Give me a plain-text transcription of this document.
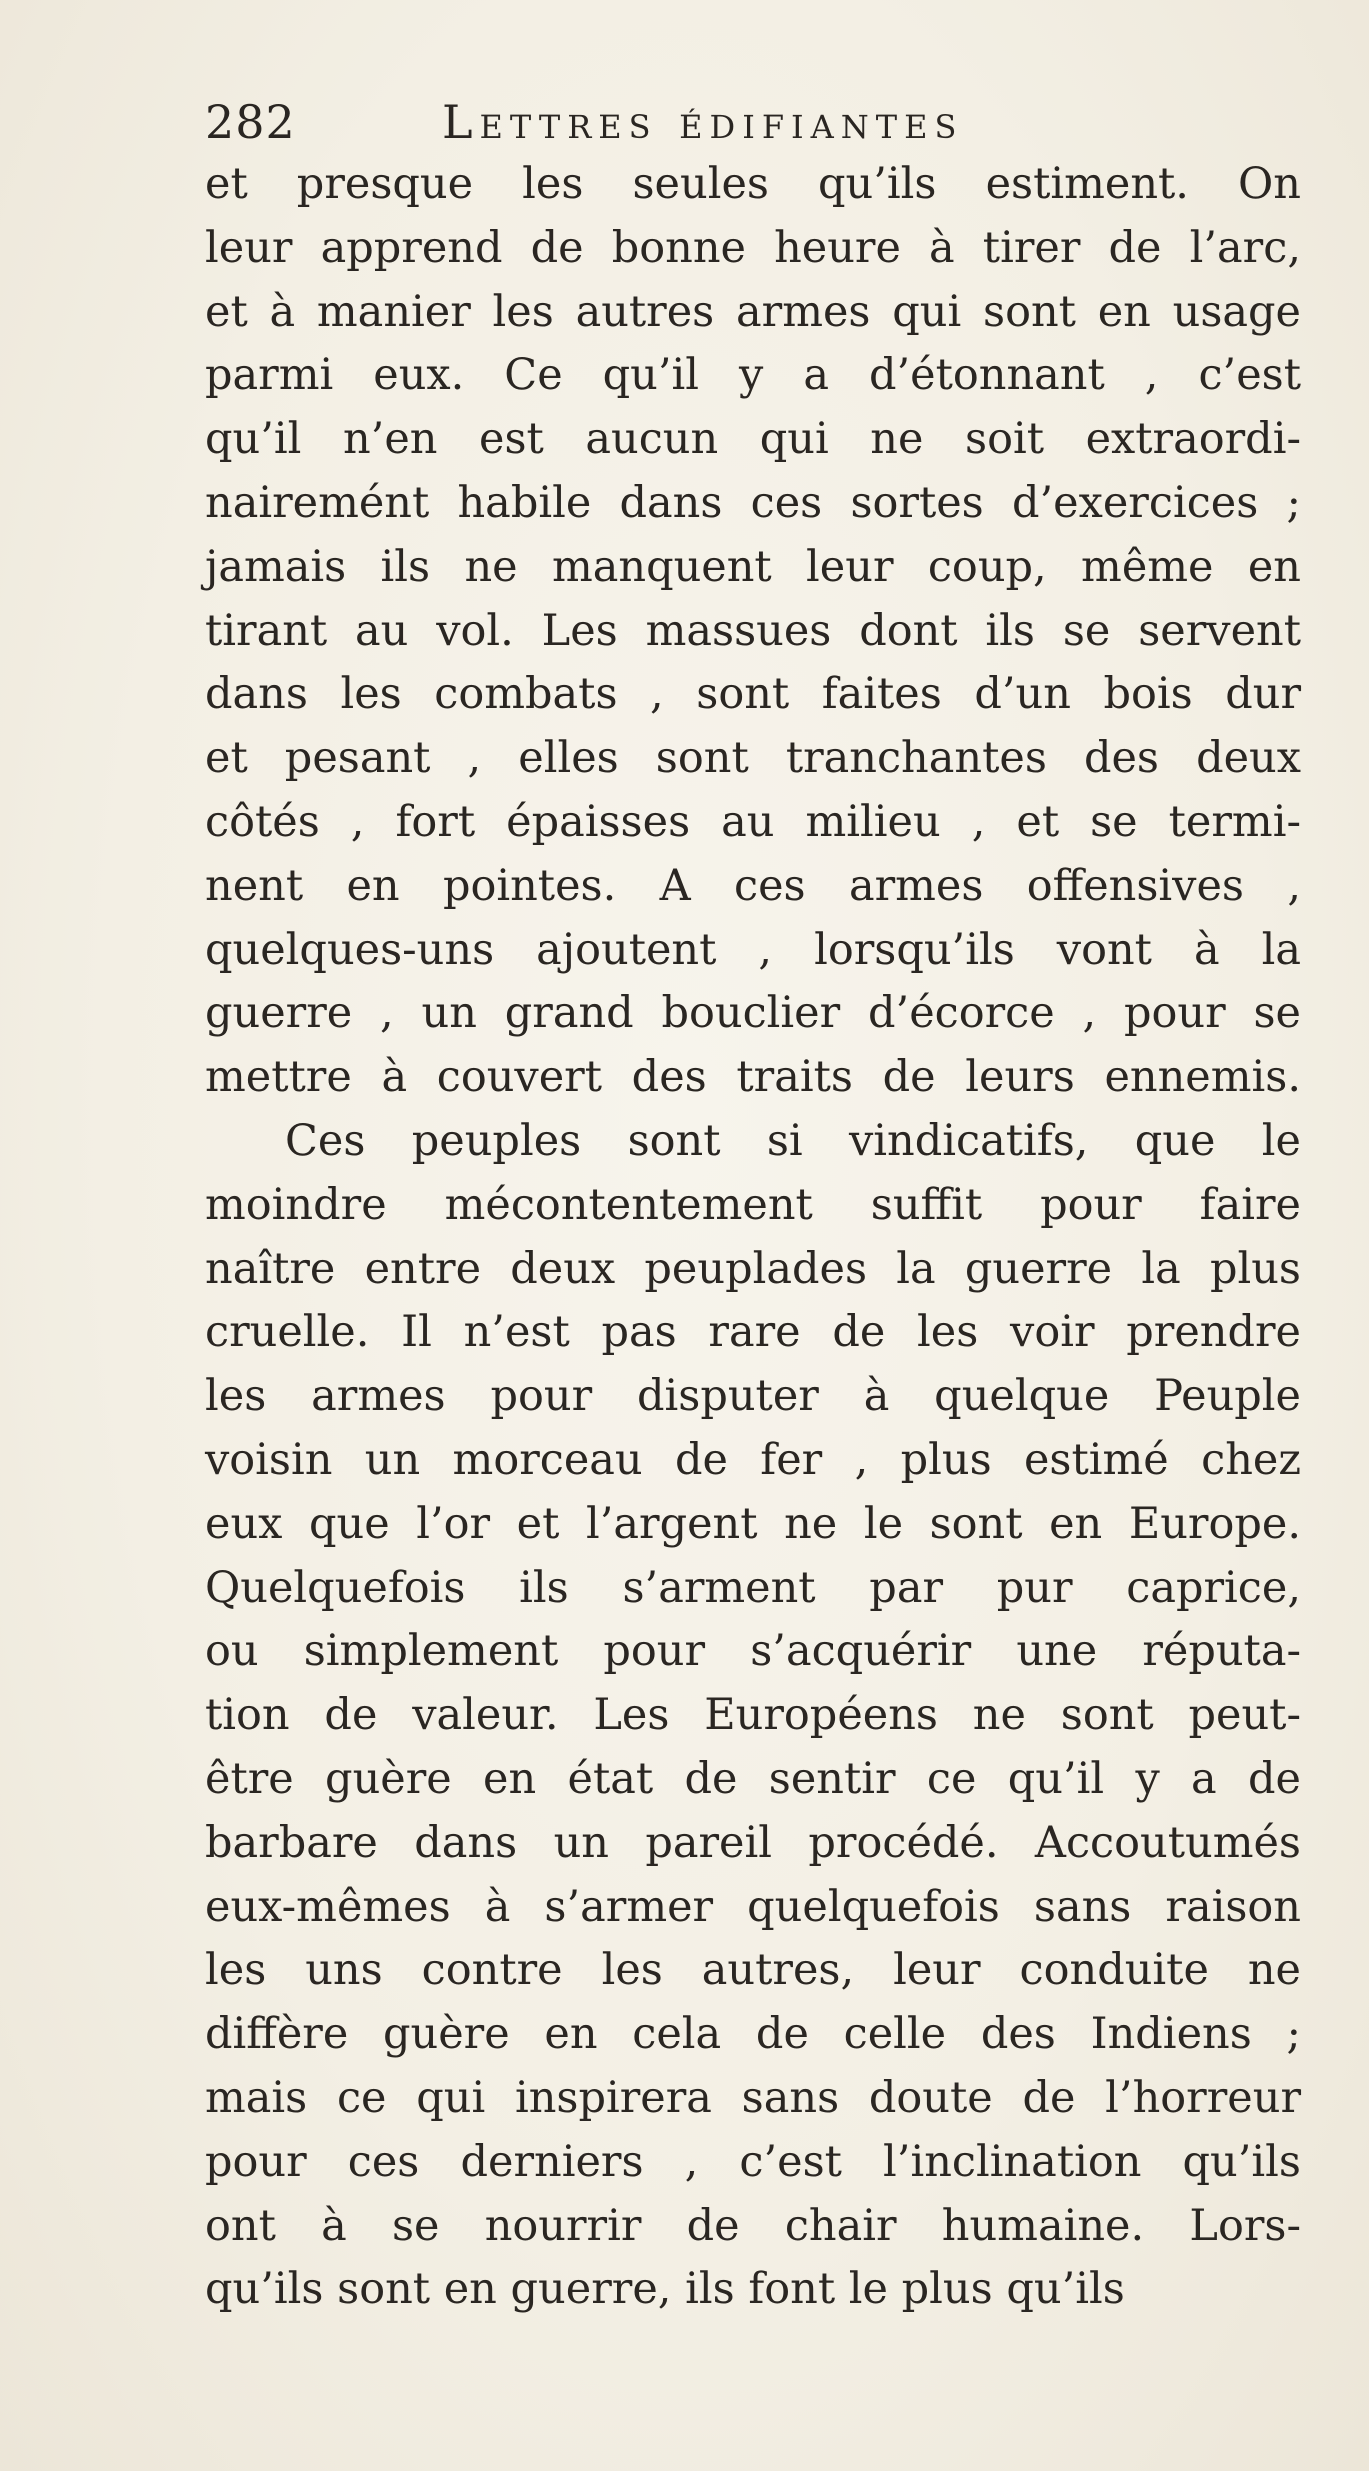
282	Lettres édifiantes
et presque les seules qu’ils estiment. On
leur apprend de bonne heure à tirer de l’arc,
et à manier les autres armes qui sont en usage
parmi eux. Ce qu’il y a d’étonnant , c’est
qu’il n’en est aucun qui ne soit extraordi-
nairemént habile dans ces sortes d’exercices ;
jamais ils ne manquent leur coup, même en
tirant au vol. Les massues dont ils se servent
dans les combats , sont faites d’un bois dur
et pesant , elles sont tranchantes des deux
côtés , fort épaisses au milieu , et se termi-
nent en pointes. A ces armes offensives ,
quelques-uns ajoutent , lorsqu’ils vont à la
guerre , un grand bouclier d’écorce , pour se
mettre à couvert des traits de leurs ennemis.
Ces peuples sont si vindicatifs, que le
moindre mécontentement suffit pour faire
naître entre deux peuplades la guerre la plus
cruelle. Il n’est pas rare de les voir prendre
les armes pour disputer à quelque Peuple
voisin un morceau de fer , plus estimé chez
eux que l’or et l’argent ne le sont en Europe.
Quelquefois ils s’arment par pur caprice,
ou simplement pour s’acquérir une réputa-
tion de valeur. Les Européens ne sont peut-
être guère en état de sentir ce qu’il y a de
barbare dans un pareil procédé. Accoutumés
eux-mêmes à s’armer quelquefois sans raison
les uns contre les autres, leur conduite ne
diffère guère en cela de celle des Indiens ;
mais ce qui inspirera sans doute de l’horreur
pour ces derniers , c’est l’inclination qu’ils
ont à se nourrir de chair humaine. Lors-
qu’ils sont en guerre, ils font le plus qu’ils
